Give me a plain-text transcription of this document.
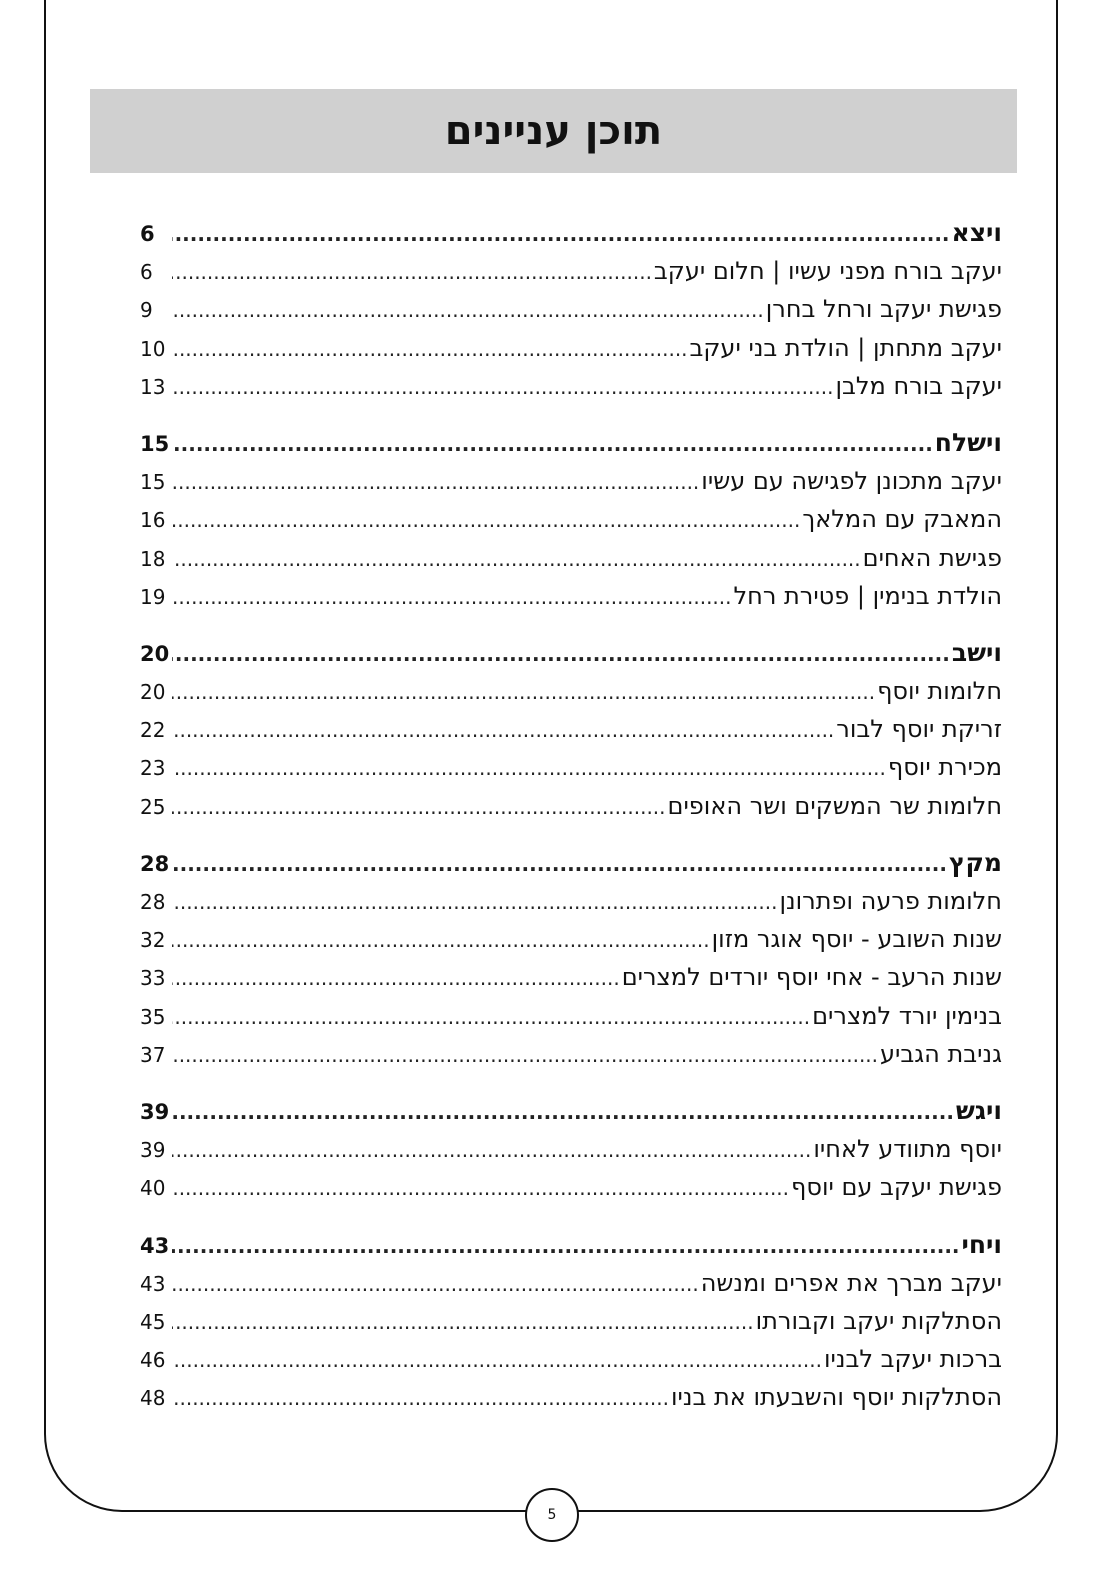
תוכן עניינים
ויצא
.....
6
יעקב בורח מפני עשיו | חלום יעקב
.....
6
פגישת יעקב ורחל בחרן
.....
9
יעקב מתחתן | הולדת בני יעקב
.....
10
יעקב בורח מלבן
.....
13
וישלח
.....
15
יעקב מתכונן לפגישה עם עשיו
.....
15
המאבק עם המלאך
.....
16
פגישת האחים
.....
18
הולדת בנימין | פטירת רחל
.....
19
וישב
.....
20
חלומות יוסף
.....
20
זריקת יוסף לבור
.....
22
מכירת יוסף
.....
23
חלומות שר המשקים ושר האופים
.....
25
מקץ
.....
28
חלומות פרעה ופתרונן
.....
28
שנות השובע - יוסף אוגר מזון
.....
32
שנות הרעב - אחי יוסף יורדים למצרים
.....
33
בנימין יורד למצרים
.....
35
גניבת הגביע
.....
37
ויגש
.....
39
יוסף מתוודע לאחיו
.....
39
פגישת יעקב עם יוסף
.....
40
ויחי
.....
43
יעקב מברך את אפרים ומנשה
.....
43
הסתלקות יעקב וקבורתו
.....
45
ברכות יעקב לבניו
.....
46
הסתלקות יוסף והשבעתו את בניו
.....
48
5
